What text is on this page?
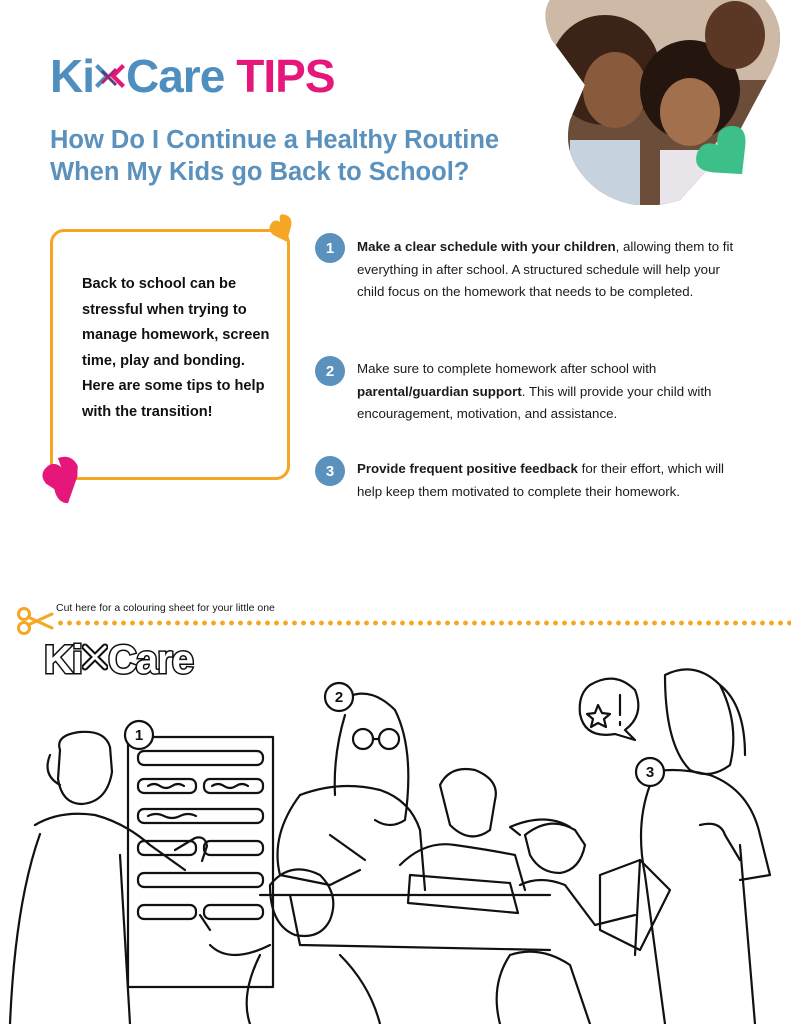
Ki Care TIPS
How Do I Continue a Healthy Routine When My Kids go Back to School?
Back to school can be stressful when trying to manage homework, screen time, play and bonding. Here are some tips to help with the transition!
1	Make a clear schedule with your children, allowing them to fit everything in after school. A structured schedule will help your child focus on the homework that needs to be completed.
2	Make sure to complete homework after school with parental/guardian support. This will provide your child with encouragement, motivation, and assistance.
3	Provide frequent positive feedback for their effort, which will help keep them motivated to complete their homework.
Cut here for a colouring sheet for your little one
Ki Care
1
2
3
